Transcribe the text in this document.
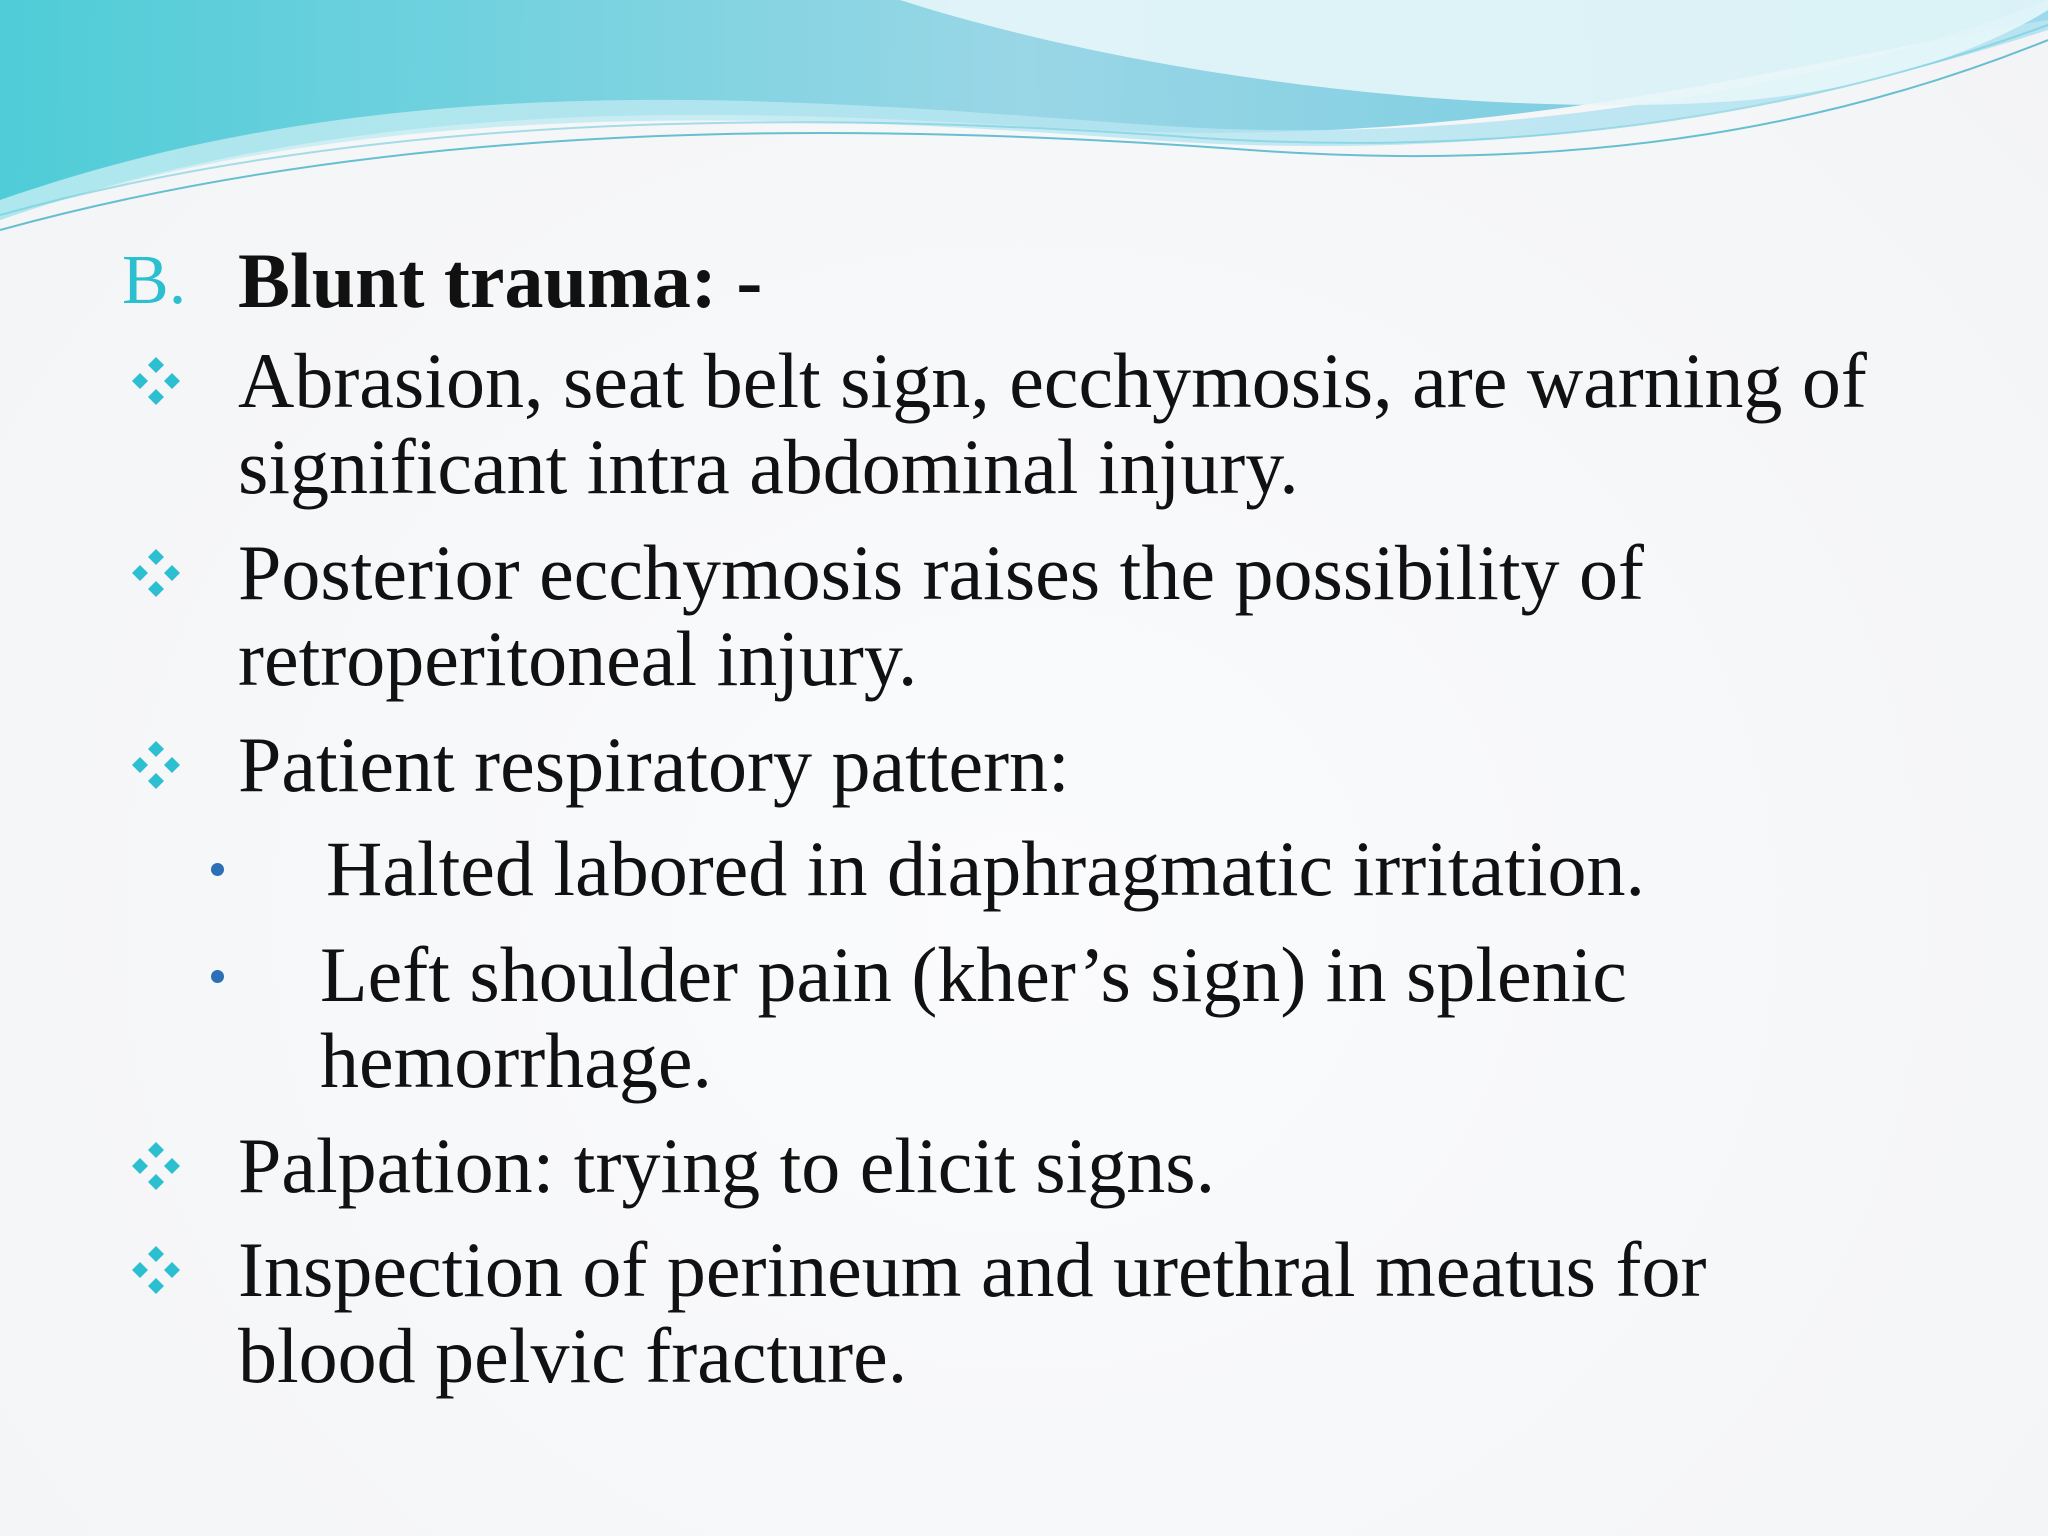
B. Blunt trauma: -
Abrasion, seat belt sign, ecchymosis, are warning of
significant intra abdominal injury.
Posterior ecchymosis raises the possibility of
retroperitoneal injury.
Patient respiratory pattern:
Halted labored in diaphragmatic irritation.
Left shoulder pain (kher’s sign) in splenic
hemorrhage.
Palpation: trying to elicit signs.
Inspection of perineum and urethral meatus for
blood pelvic fracture.
